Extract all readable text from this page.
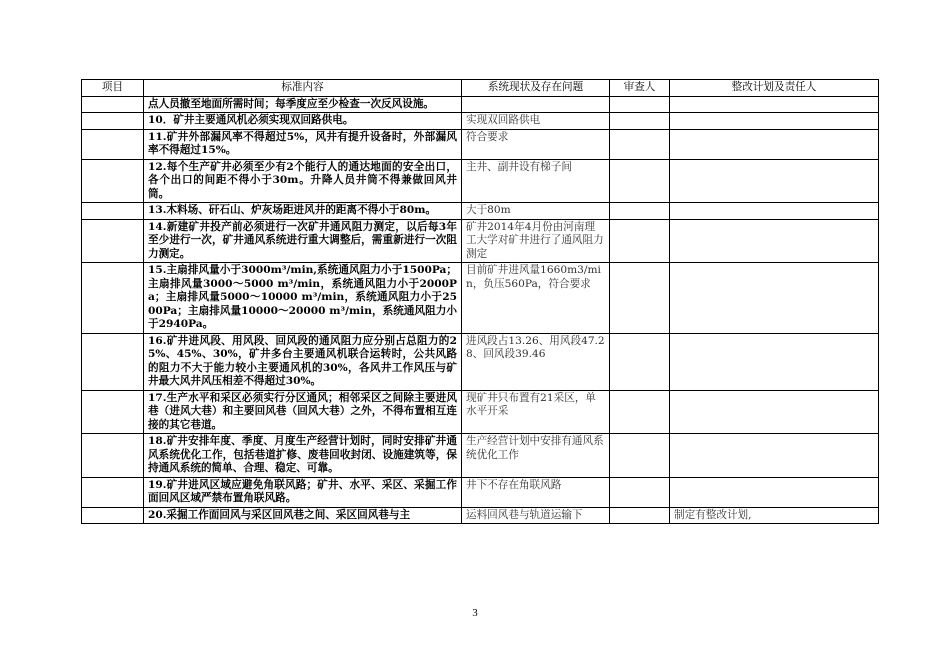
项目	标准内容	系统现状及存在问题	审查人	整改计划及责任人
	点人员撤至地面所需时间；每季度应至少检查一次反风设施。			
	10．矿井主要通风机必须实现双回路供电。	实现双回路供电		
	11.矿井外部漏风率不得超过5%，风井有提升设备时，外部漏风率不得超过15%。	符合要求		
	12.每个生产矿井必须至少有2个能行人的通达地面的安全出口，各个出口的间距不得小于30m。升降人员井筒不得兼做回风井筒。	主井、副井设有梯子间		
	13.木料场、矸石山、炉灰场距进风井的距离不得小于80m。	大于80m		
	14.新建矿井投产前必须进行一次矿井通风阻力测定，以后每3年至少进行一次，矿井通风系统进行重大调整后，需重新进行一次阻力测定。	矿井2014年4月份由河南理工大学对矿井进行了通风阻力测定		
	15.主扇排风量小于3000m³/min,系统通风阻力小于1500Pa；主扇排风量3000～5000 m³/min，系统通风阻力小于2000Pa；主扇排风量5000～10000 m³/min，系统通风阻力小于2500Pa；主扇排风量10000～20000 m³/min，系统通风阻力小于2940Pa。	目前矿井进风量1660m3/min，负压560Pa，符合要求		
	16.矿井进风段、用风段、回风段的通风阻力应分别占总阻力的25%、45%、30%，矿井多台主要通风机联合运转时，公共风路的阻力不大于能力较小主要通风机的30%，各风井工作风压与矿井最大风井风压相差不得超过30%。	进风段占13.26、用风段47.28、回风段39.46		
	17.生产水平和采区必须实行分区通风；相邻采区之间除主要进风巷（进风大巷）和主要回风巷（回风大巷）之外，不得布置相互连接的其它巷道。	现矿井只布置有21采区，单水平开采		
	18.矿井安排年度、季度、月度生产经营计划时，同时安排矿井通风系统优化工作，包括巷道扩修、废巷回收封闭、设施建筑等，保持通风系统的简单、合理、稳定、可靠。	生产经营计划中安排有通风系统优化工作		
	19.矿井进风区域应避免角联风路；矿井、水平、采区、采掘工作面回风区域严禁布置角联风路。	井下不存在角联风路		
	20.采掘工作面回风与采区回风巷之间、采区回风巷与主	运料回风巷与轨道运输下		制定有整改计划,
3
